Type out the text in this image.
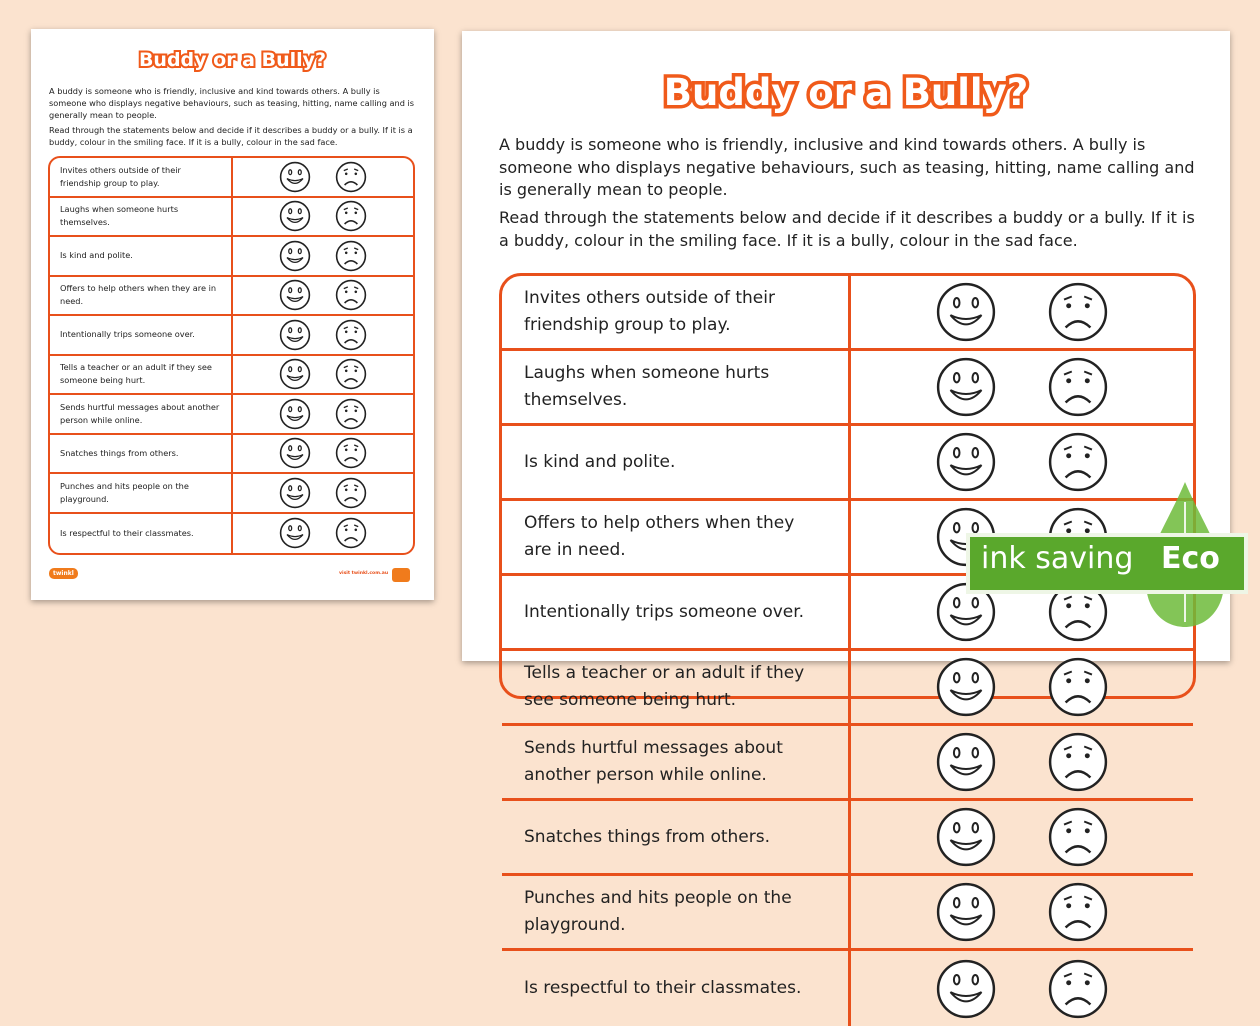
Buddy or a Bully?
A buddy is someone who is friendly, inclusive and kind towards others. A bully is someone who displays negative behaviours, such as teasing, hitting, name calling and is generally mean to people.
Read through the statements below and decide if it describes a buddy or a bully. If it is a buddy, colour in the smiling face. If it is a bully, colour in the sad face.
Invites others outside of their friendship group to play.
Laughs when someone hurts themselves.
Is kind and polite.
Offers to help others when they are in need.
Intentionally trips someone over.
Tells a teacher or an adult if they see someone being hurt.
Sends hurtful messages about another person while online.
Snatches things from others.
Punches and hits people on the playground.
Is respectful to their classmates.
twinkl	visit twinkl.com.au
Buddy or a Bully?
A buddy is someone who is friendly, inclusive and kind towards others. A bully is someone who displays negative behaviours, such as teasing, hitting, name calling and is generally mean to people.
Read through the statements below and decide if it describes a buddy or a bully. If it is a buddy, colour in the smiling face. If it is a bully, colour in the sad face.
Invites others outside of their friendship group to play.
Laughs when someone hurts themselves.
Is kind and polite.
Offers to help others when they are in need.
Intentionally trips someone over.
Tells a teacher or an adult if they see someone being hurt.
Sends hurtful messages about another person while online.
Snatches things from others.
Punches and hits people on the playground.
Is respectful to their classmates.
ink saving Eco
